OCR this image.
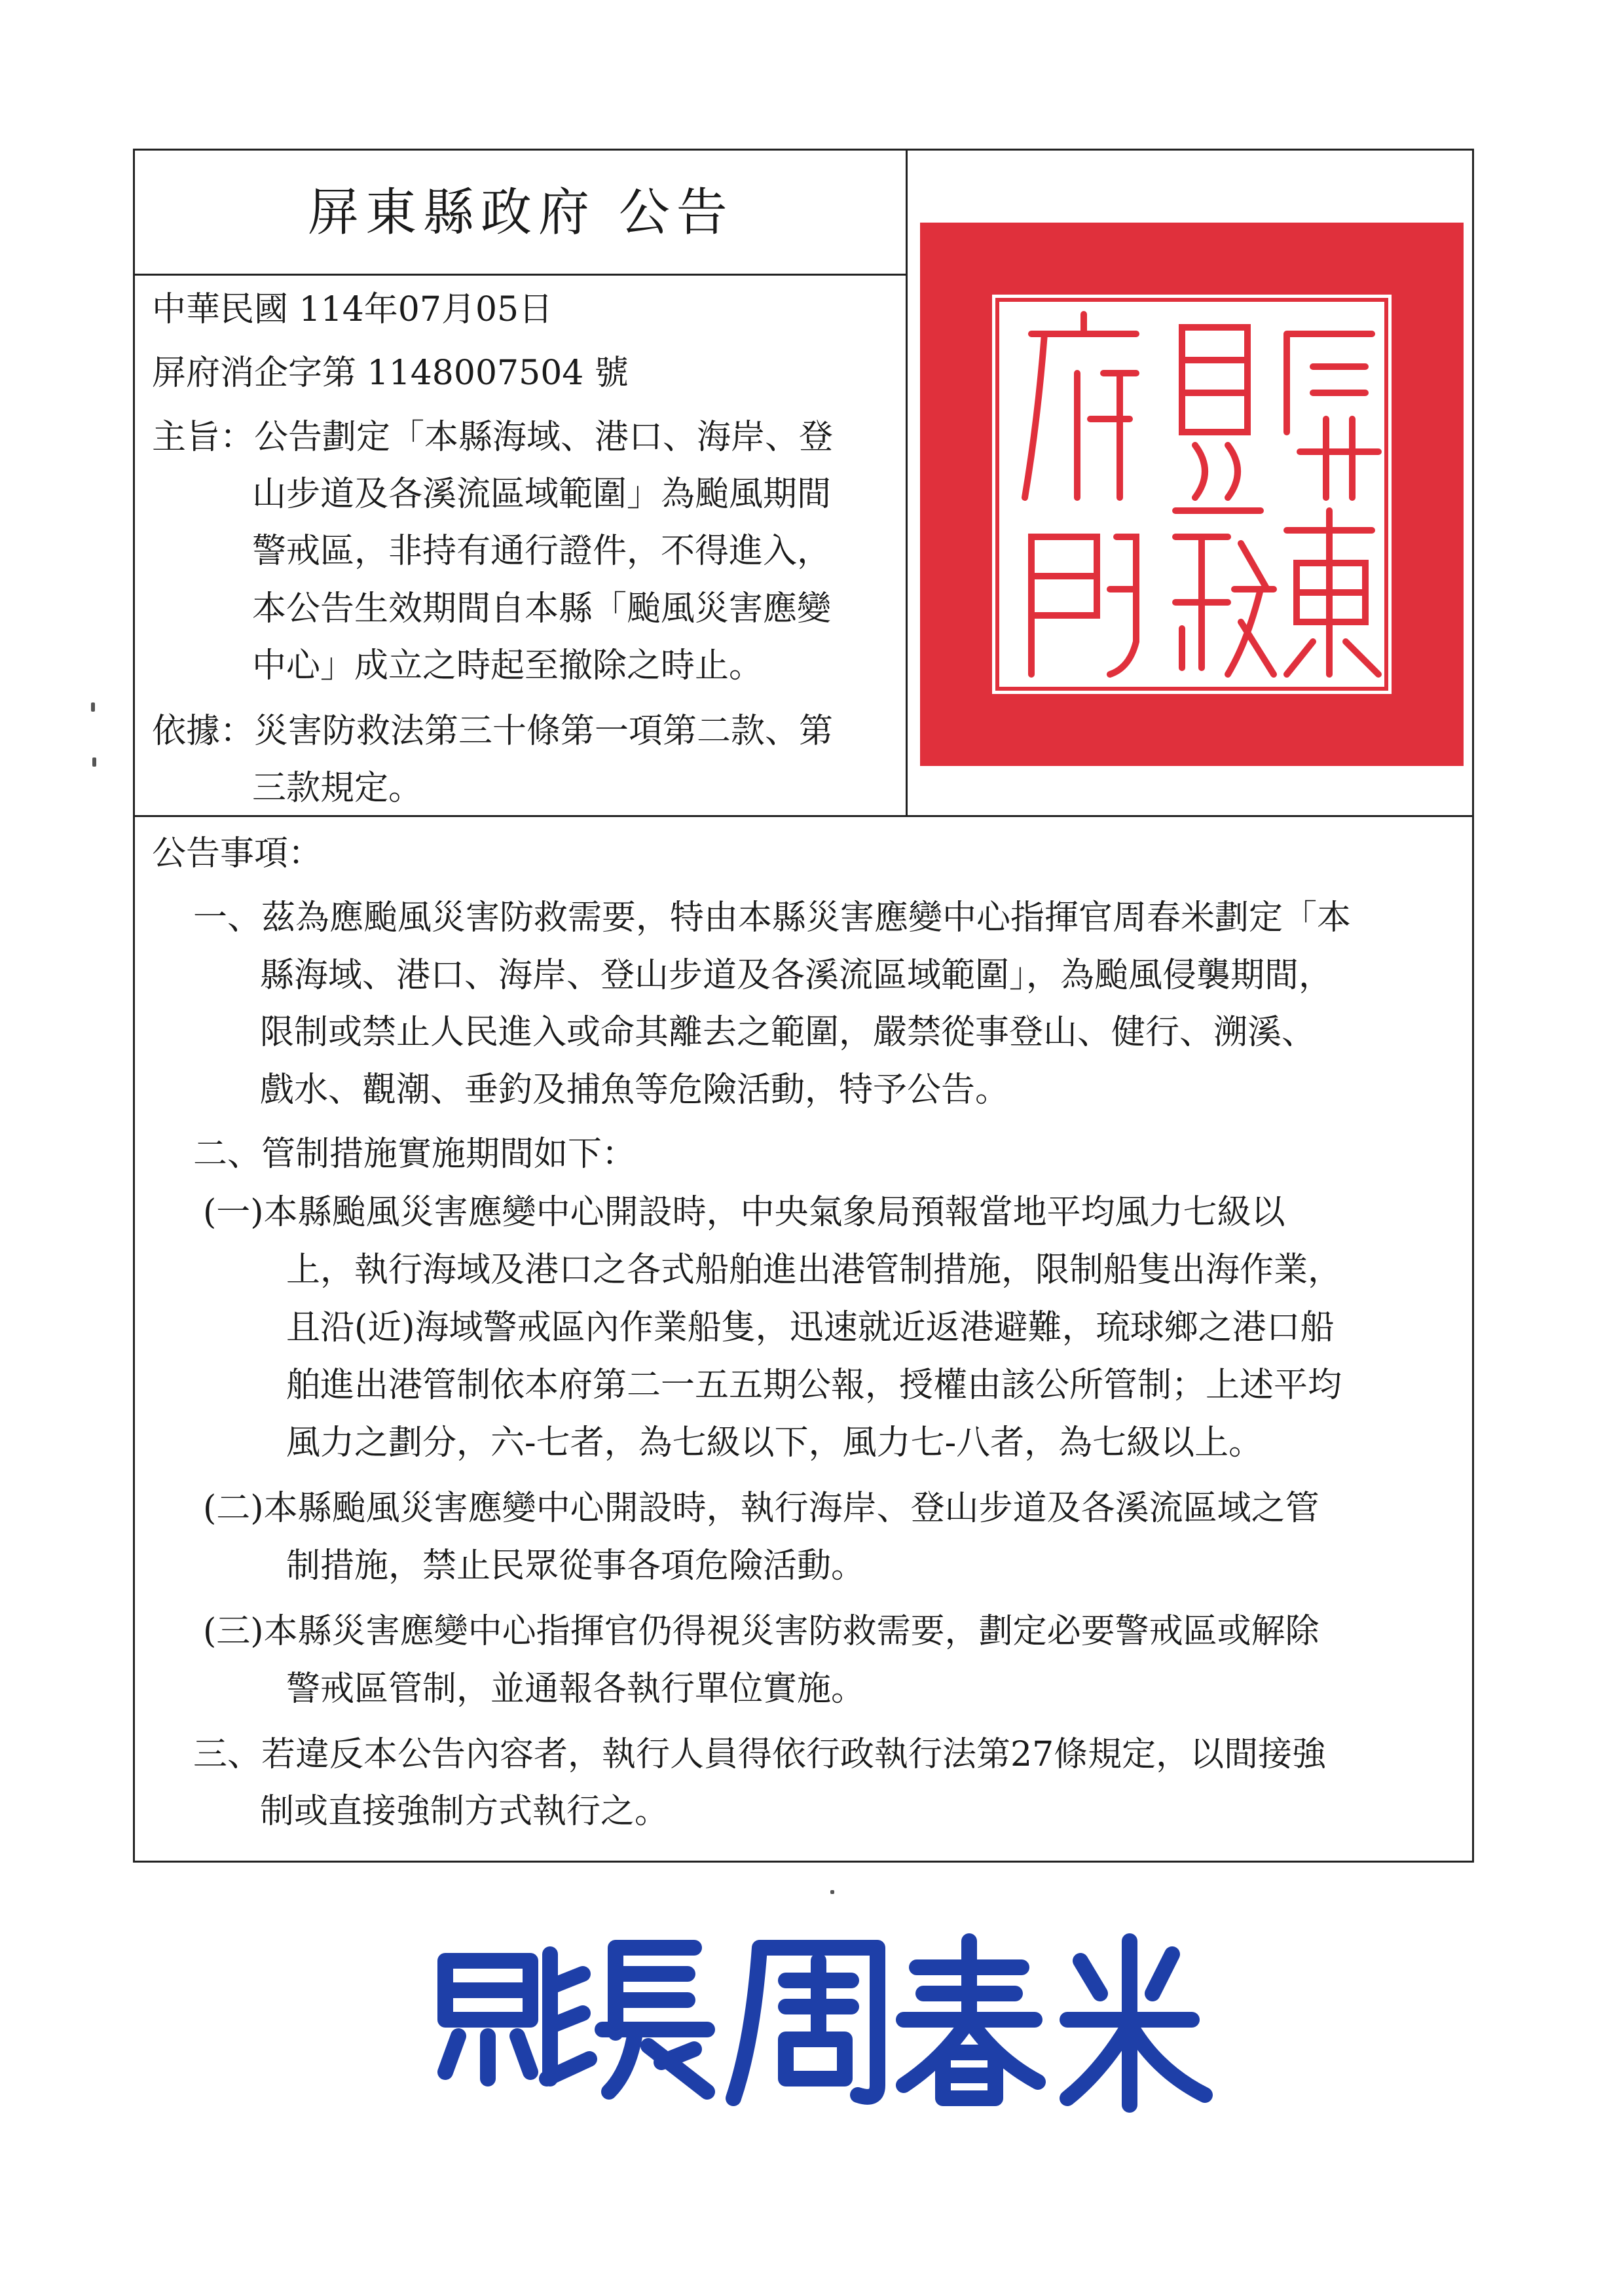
屏東縣政府 公告
中華民國 114年07月05日
屏府消企字第 1148007504 號
主旨：公告劃定「本縣海域、港口、海岸、登
山步道及各溪流區域範圍」為颱風期間
警戒區，非持有通行證件，不得進入，
本公告生效期間自本縣「颱風災害應變
中心」成立之時起至撤除之時止。
依據：災害防救法第三十條第一項第二款、第
三款規定。
公告事項：
一、茲為應颱風災害防救需要，特由本縣災害應變中心指揮官周春米劃定「本
縣海域、港口、海岸、登山步道及各溪流區域範圍」，為颱風侵襲期間，
限制或禁止人民進入或命其離去之範圍，嚴禁從事登山、健行、溯溪、
戲水、觀潮、垂釣及捕魚等危險活動，特予公告。
二、管制措施實施期間如下：
(一)本縣颱風災害應變中心開設時，中央氣象局預報當地平均風力七級以
上，執行海域及港口之各式船舶進出港管制措施，限制船隻出海作業，
且沿(近)海域警戒區內作業船隻，迅速就近返港避難，琉球鄉之港口船
舶進出港管制依本府第二一五五期公報，授權由該公所管制；上述平均
風力之劃分，六-七者，為七級以下，風力七-八者，為七級以上。
(二)本縣颱風災害應變中心開設時，執行海岸、登山步道及各溪流區域之管
制措施，禁止民眾從事各項危險活動。
(三)本縣災害應變中心指揮官仍得視災害防救需要，劃定必要警戒區或解除
警戒區管制，並通報各執行單位實施。
三、若違反本公告內容者，執行人員得依行政執行法第27條規定，以間接強
制或直接強制方式執行之。
